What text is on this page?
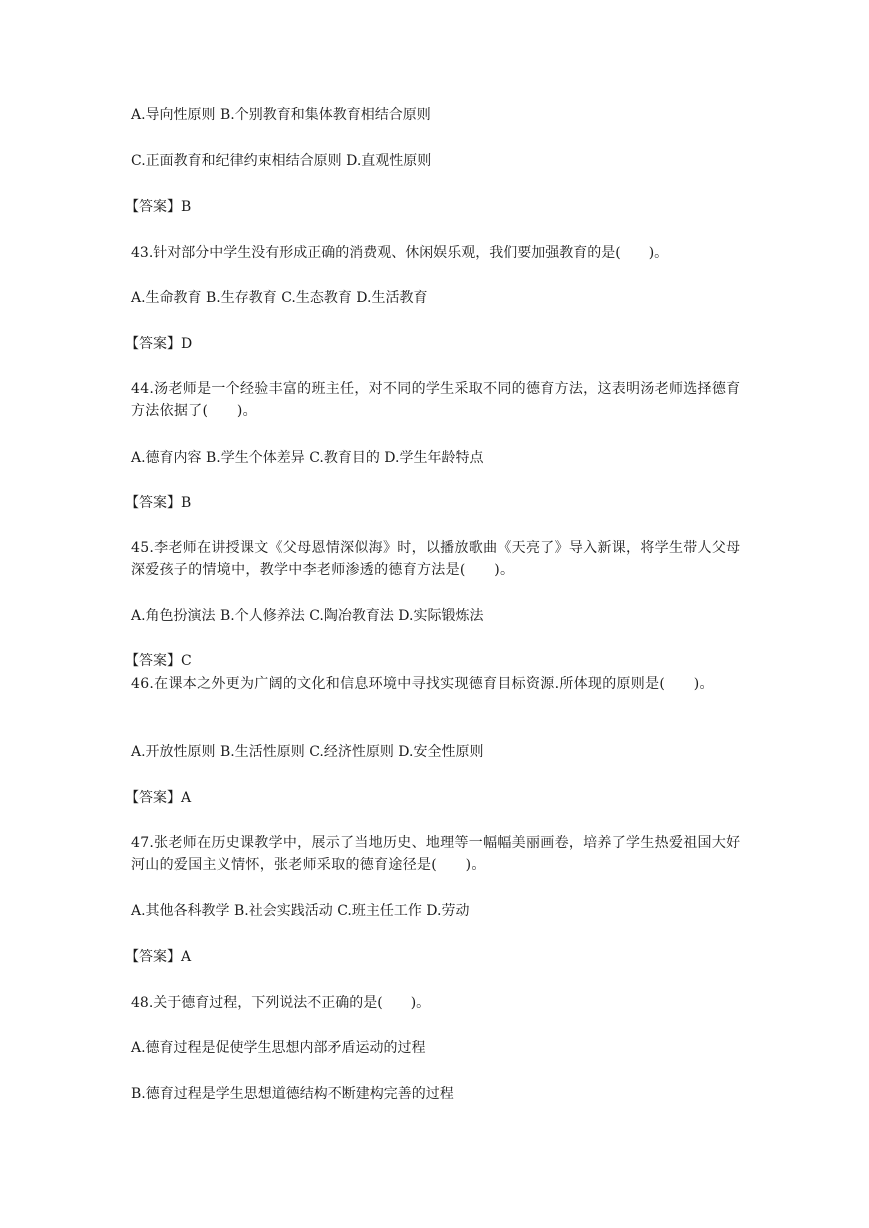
A.导向性原则 B.个别教育和集体教育相结合原则
C.正面教育和纪律约束相结合原则 D.直观性原则
【答案】B
43.针对部分中学生没有形成正确的消费观、休闲娱乐观，我们要加强教育的是(　　)。
A.生命教育 B.生存教育 C.生态教育 D.生活教育
【答案】D
44.汤老师是一个经验丰富的班主任，对不同的学生采取不同的德育方法，这表明汤老师选择德育方法依据了(　　)。
A.德育内容 B.学生个体差异 C.教育目的 D.学生年龄特点
【答案】B
45.李老师在讲授课文《父母恩情深似海》时，以播放歌曲《天亮了》导入新课，将学生带人父母深爱孩子的情境中，教学中李老师渗透的德育方法是(　　)。
A.角色扮演法 B.个人修养法 C.陶冶教育法 D.实际锻炼法
【答案】C
46.在课本之外更为广阔的文化和信息环境中寻找实现德育目标资源.所体现的原则是(　　)。
A.开放性原则 B.生活性原则 C.经济性原则 D.安全性原则
【答案】A
47.张老师在历史课教学中，展示了当地历史、地理等一幅幅美丽画卷，培养了学生热爱祖国大好河山的爱国主义情怀，张老师采取的德育途径是(　　)。
A.其他各科教学 B.社会实践活动 C.班主任工作 D.劳动
【答案】A
48.关于德育过程，下列说法不正确的是(　　)。
A.德育过程是促使学生思想内部矛盾运动的过程
B.德育过程是学生思想道德结构不断建构完善的过程
